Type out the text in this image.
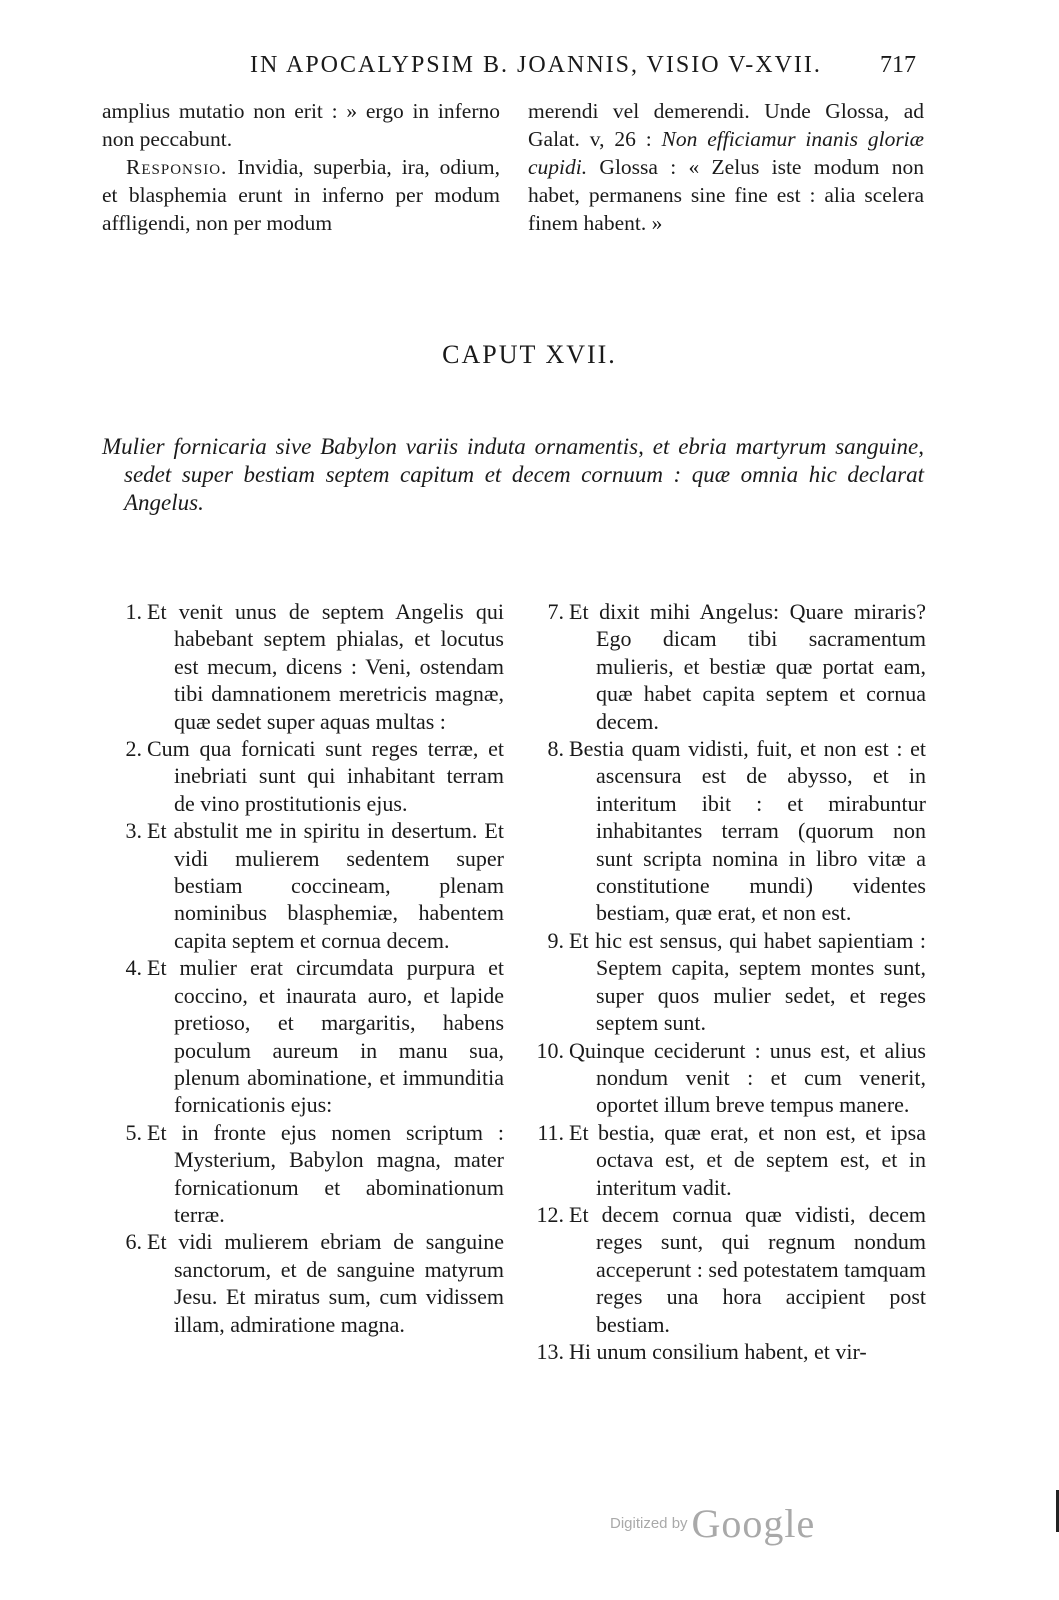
IN APOCALYPSIM B. JOANNIS, VISIO V-XVII. 717

amplius mutatio non erit : » ergo in inferno non peccabunt.

Responsio. Invidia, superbia, ira, odium, et blasphemia erunt in inferno per modum affligendi, non per modum

merendi vel demerendi. Unde Glossa, ad Galat. v, 26 : Non efficiamur inanis gloriæ cupidi. Glossa : « Zelus iste modum non habet, permanens sine fine est : alia scelera finem habent. »

CAPUT XVII.
Mulier fornicaria sive Babylon variis induta ornamentis, et ebria martyrum sanguine, sedet super bestiam septem capitum et decem cornuum : quæ omnia hic declarat Angelus.

1. Et venit unus de septem Angelis qui habebant septem phialas, et locutus est mecum, dicens : Veni, ostendam tibi damnationem meretricis magnæ, quæ sedet super aquas multas :

2. Cum qua fornicati sunt reges terræ, et inebriati sunt qui inhabitant terram de vino prostitutionis ejus.

3. Et abstulit me in spiritu in desertum. Et vidi mulierem sedentem super bestiam coccineam, plenam nominibus blasphemiæ, habentem capita septem et cornua decem.

4. Et mulier erat circumdata purpura et coccino, et inaurata auro, et lapide pretioso, et margaritis, habens poculum aureum in manu sua, plenum abominatione, et immunditia fornicationis ejus:

5. Et in fronte ejus nomen scriptum : Mysterium, Babylon magna, mater fornicationum et abominationum terræ.

6. Et vidi mulierem ebriam de sanguine sanctorum, et de sanguine matyrum Jesu. Et miratus sum, cum vidissem illam, admiratione magna.

7. Et dixit mihi Angelus: Quare miraris? Ego dicam tibi sacramentum mulieris, et bestiæ quæ portat eam, quæ habet capita septem et cornua decem.

8. Bestia quam vidisti, fuit, et non est : et ascensura est de abysso, et in interitum ibit : et mirabuntur inhabitantes terram (quorum non sunt scripta nomina in libro vitæ a constitutione mundi) videntes bestiam, quæ erat, et non est.

9. Et hic est sensus, qui habet sapientiam : Septem capita, septem montes sunt, super quos mulier sedet, et reges septem sunt.

10. Quinque ceciderunt : unus est, et alius nondum venit : et cum venerit, oportet illum breve tempus manere.

11. Et bestia, quæ erat, et non est, et ipsa octava est, et de septem est, et in interitum vadit.

12. Et decem cornua quæ vidisti, decem reges sunt, qui regnum nondum acceperunt : sed potestatem tamquam reges una hora accipient post bestiam.

13. Hi unum consilium habent, et vir-

Digitized by Google
